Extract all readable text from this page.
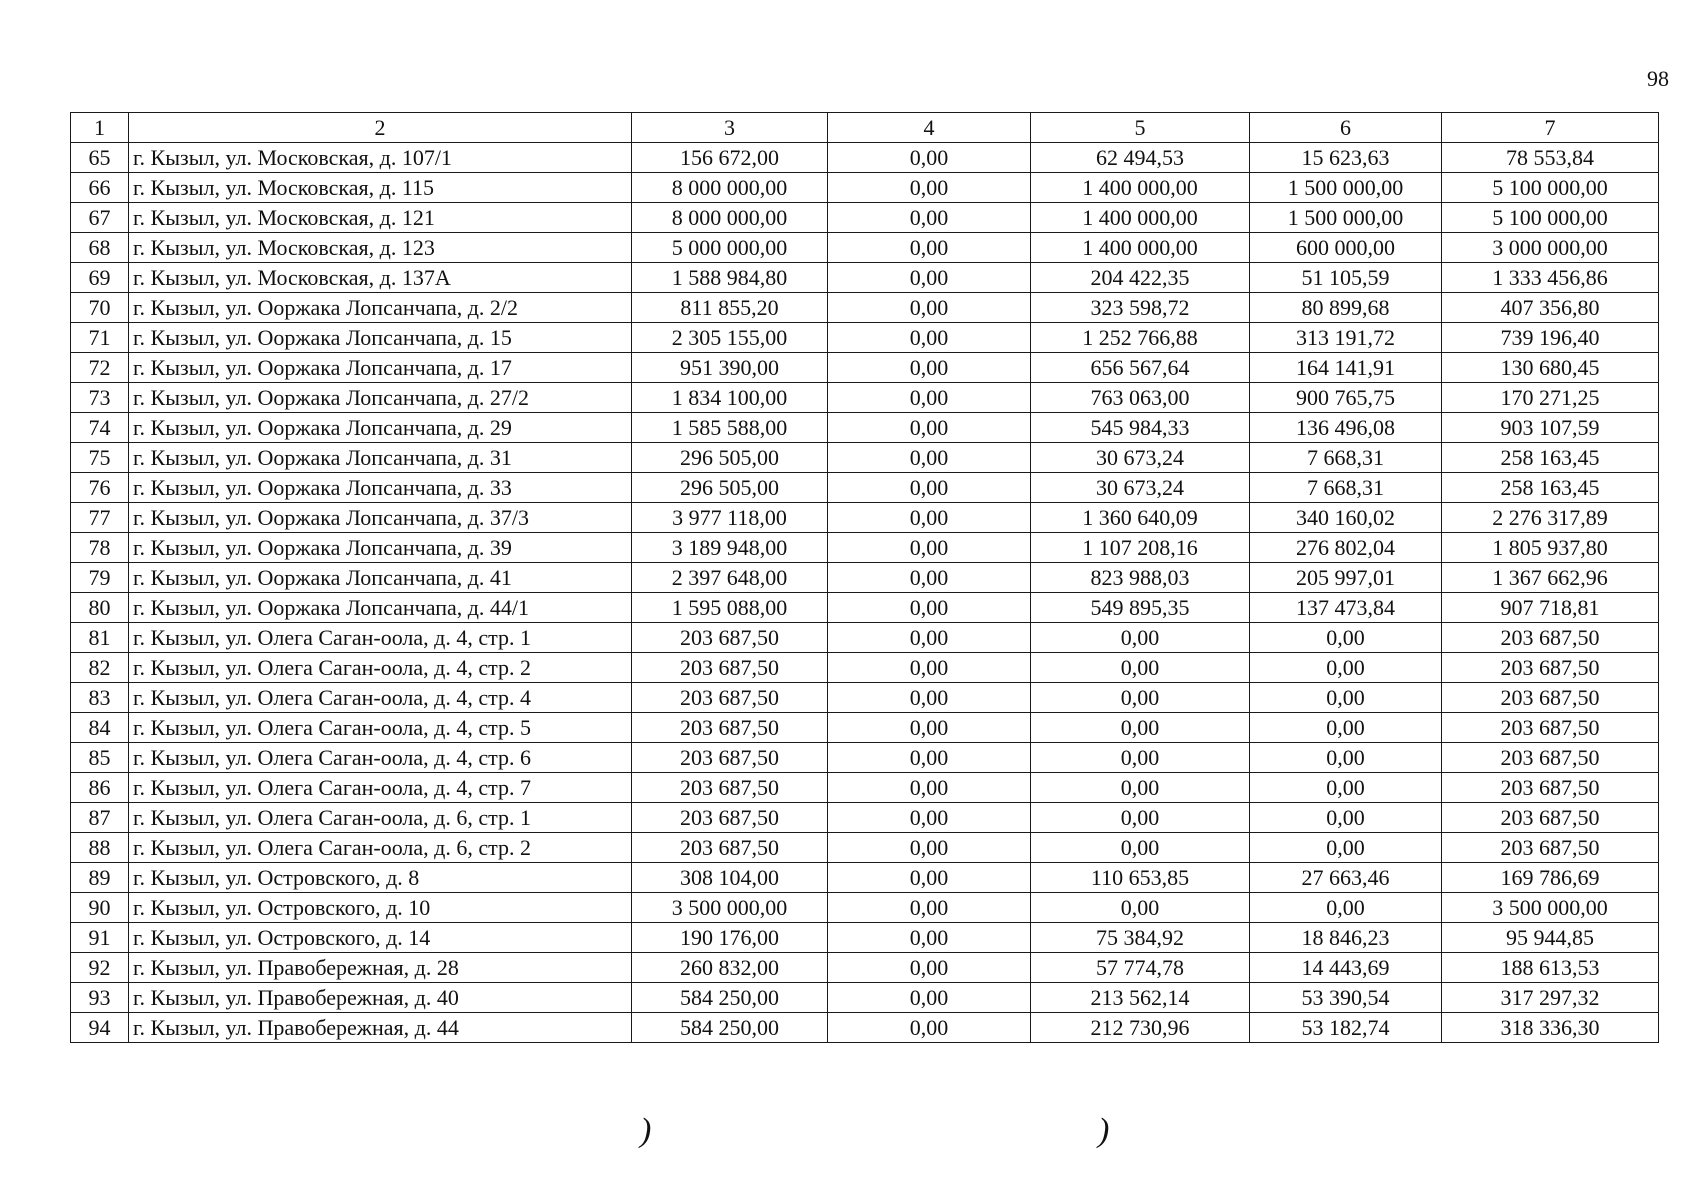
98
1	2	3	4	5	6	7
65	г. Кызыл, ул. Московская, д. 107/1	156 672,00	0,00	62 494,53	15 623,63	78 553,84
66	г. Кызыл, ул. Московская, д. 115	8 000 000,00	0,00	1 400 000,00	1 500 000,00	5 100 000,00
67	г. Кызыл, ул. Московская, д. 121	8 000 000,00	0,00	1 400 000,00	1 500 000,00	5 100 000,00
68	г. Кызыл, ул. Московская, д. 123	5 000 000,00	0,00	1 400 000,00	600 000,00	3 000 000,00
69	г. Кызыл, ул. Московская, д. 137А	1 588 984,80	0,00	204 422,35	51 105,59	1 333 456,86
70	г. Кызыл, ул. Ооржака Лопсанчапа, д. 2/2	811 855,20	0,00	323 598,72	80 899,68	407 356,80
71	г. Кызыл, ул. Ооржака Лопсанчапа, д. 15	2 305 155,00	0,00	1 252 766,88	313 191,72	739 196,40
72	г. Кызыл, ул. Ооржака Лопсанчапа, д. 17	951 390,00	0,00	656 567,64	164 141,91	130 680,45
73	г. Кызыл, ул. Ооржака Лопсанчапа, д. 27/2	1 834 100,00	0,00	763 063,00	900 765,75	170 271,25
74	г. Кызыл, ул. Ооржака Лопсанчапа, д. 29	1 585 588,00	0,00	545 984,33	136 496,08	903 107,59
75	г. Кызыл, ул. Ооржака Лопсанчапа, д. 31	296 505,00	0,00	30 673,24	7 668,31	258 163,45
76	г. Кызыл, ул. Ооржака Лопсанчапа, д. 33	296 505,00	0,00	30 673,24	7 668,31	258 163,45
77	г. Кызыл, ул. Ооржака Лопсанчапа, д. 37/3	3 977 118,00	0,00	1 360 640,09	340 160,02	2 276 317,89
78	г. Кызыл, ул. Ооржака Лопсанчапа, д. 39	3 189 948,00	0,00	1 107 208,16	276 802,04	1 805 937,80
79	г. Кызыл, ул. Ооржака Лопсанчапа, д. 41	2 397 648,00	0,00	823 988,03	205 997,01	1 367 662,96
80	г. Кызыл, ул. Ооржака Лопсанчапа, д. 44/1	1 595 088,00	0,00	549 895,35	137 473,84	907 718,81
81	г. Кызыл, ул. Олега Саган-оола, д. 4, стр. 1	203 687,50	0,00	0,00	0,00	203 687,50
82	г. Кызыл, ул. Олега Саган-оола, д. 4, стр. 2	203 687,50	0,00	0,00	0,00	203 687,50
83	г. Кызыл, ул. Олега Саган-оола, д. 4, стр. 4	203 687,50	0,00	0,00	0,00	203 687,50
84	г. Кызыл, ул. Олега Саган-оола, д. 4, стр. 5	203 687,50	0,00	0,00	0,00	203 687,50
85	г. Кызыл, ул. Олега Саган-оола, д. 4, стр. 6	203 687,50	0,00	0,00	0,00	203 687,50
86	г. Кызыл, ул. Олега Саган-оола, д. 4, стр. 7	203 687,50	0,00	0,00	0,00	203 687,50
87	г. Кызыл, ул. Олега Саган-оола, д. 6, стр. 1	203 687,50	0,00	0,00	0,00	203 687,50
88	г. Кызыл, ул. Олега Саган-оола, д. 6, стр. 2	203 687,50	0,00	0,00	0,00	203 687,50
89	г. Кызыл, ул. Островского, д. 8	308 104,00	0,00	110 653,85	27 663,46	169 786,69
90	г. Кызыл, ул. Островского, д. 10	3 500 000,00	0,00	0,00	0,00	3 500 000,00
91	г. Кызыл, ул. Островского, д. 14	190 176,00	0,00	75 384,92	18 846,23	95 944,85
92	г. Кызыл, ул. Правобережная, д. 28	260 832,00	0,00	57 774,78	14 443,69	188 613,53
93	г. Кызыл, ул. Правобережная, д. 40	584 250,00	0,00	213 562,14	53 390,54	317 297,32
94	г. Кызыл, ул. Правобережная, д. 44	584 250,00	0,00	212 730,96	53 182,74	318 336,30
)	)
